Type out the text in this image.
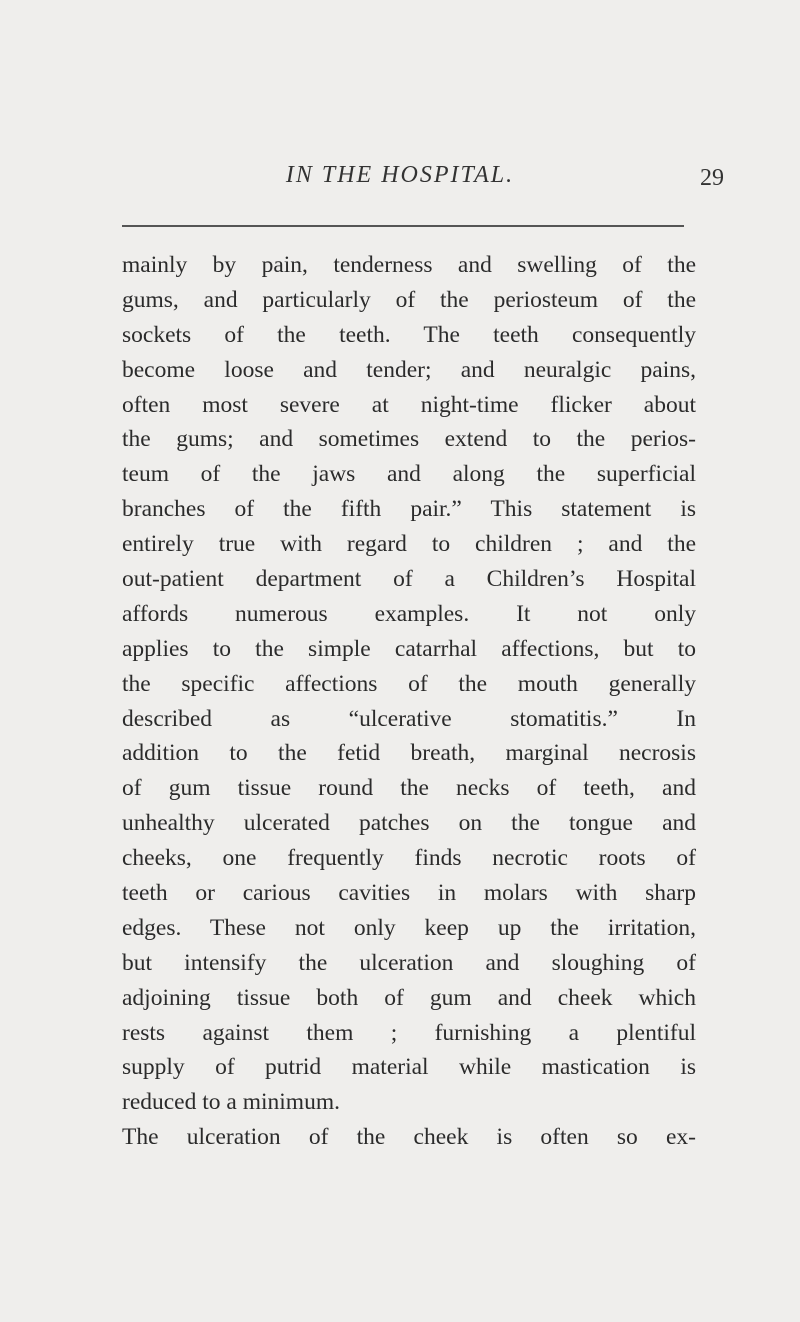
IN THE HOSPITAL.	29
mainly by pain, tenderness and swelling of the
gums, and particularly of the periosteum of the
sockets of the teeth. The teeth consequently
become loose and tender; and neuralgic pains,
often most severe at night-time flicker about
the gums; and sometimes extend to the perios-
teum of the jaws and along the superficial
branches of the fifth pair.” This statement is
entirely true with regard to children ; and the
out-patient department of a Children’s Hospital
affords numerous examples. It not only
applies to the simple catarrhal affections, but to
the specific affections of the mouth generally
described as “ulcerative stomatitis.” In
addition to the fetid breath, marginal necrosis
of gum tissue round the necks of teeth, and
unhealthy ulcerated patches on the tongue and
cheeks, one frequently finds necrotic roots of
teeth or carious cavities in molars with sharp
edges. These not only keep up the irritation,
but intensify the ulceration and sloughing of
adjoining tissue both of gum and cheek which
rests against them ; furnishing a plentiful
supply of putrid material while mastication is
reduced to a minimum.
The ulceration of the cheek is often so ex-
